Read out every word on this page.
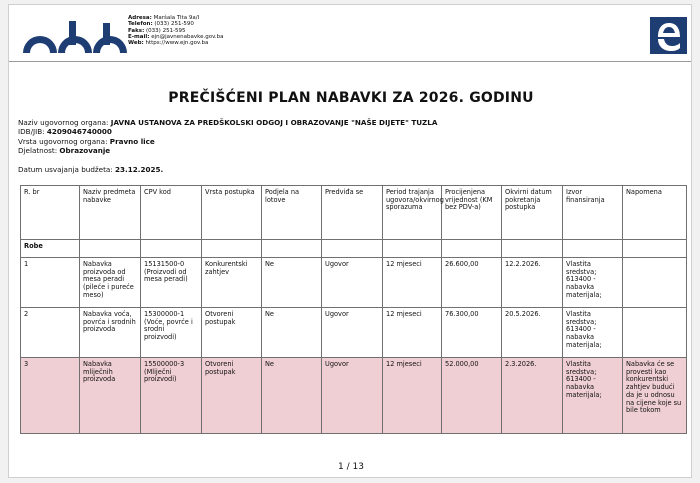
Adresa: Maršala Tita 9a/I
Telefon: (033) 251-590
Faks: (033) 251-595
E-mail: ejn@javnenabavke.gov.ba
Web: https://www.ejn.gov.ba
PREČIŠĆENI PLAN NABAVKI ZA 2026. GODINU
Naziv ugovornog organa: JAVNA USTANOVA ZA PREDŠKOLSKI ODGOJ I OBRAZOVANJE "NAŠE DIJETE" TUZLA
IDB/JIB: 4209046740000
Vrsta ugovornog organa: Pravno lice
Djelatnost: Obrazovanje
Datum usvajanja budžeta: 23.12.2025.
R. br	Naziv predmeta nabavke	CPV kod	Vrsta postupka	Podjela na lotove	Predviđa se	Period trajanja ugovora/okvirnog sporazuma	Procijenjena vrijednost (KM bez PDV-a)	Okvirni datum pokretanja postupka	Izvor finansiranja	Napomena
Robe										
1	Nabavka proizvoda od mesa peradi (pileće i pureće meso)	15131500-0 (Proizvodi od mesa peradi)	Konkurentski zahtjev	Ne	Ugovor	12 mjeseci	26.600,00	12.2.2026.	Vlastita sredstva; 613400 - nabavka materijala;	
2	Nabavka voća, povrća i srodnih proizvoda	15300000-1 (Voće, povrće i srodni proizvodi)	Otvoreni postupak	Ne	Ugovor	12 mjeseci	76.300,00	20.5.2026.	Vlastita sredstva; 613400 - nabavka materijala;	
3	Nabavka mliječnih proizvoda	15500000-3 (Mliječni proizvodi)	Otvoreni postupak	Ne	Ugovor	12 mjeseci	52.000,00	2.3.2026.	Vlastita sredstva; 613400 - nabavka materijala;	Nabavka će se provesti kao konkurentski zahtjev budući da je u odnosu na cijene koje su bile tokom
1 / 13
